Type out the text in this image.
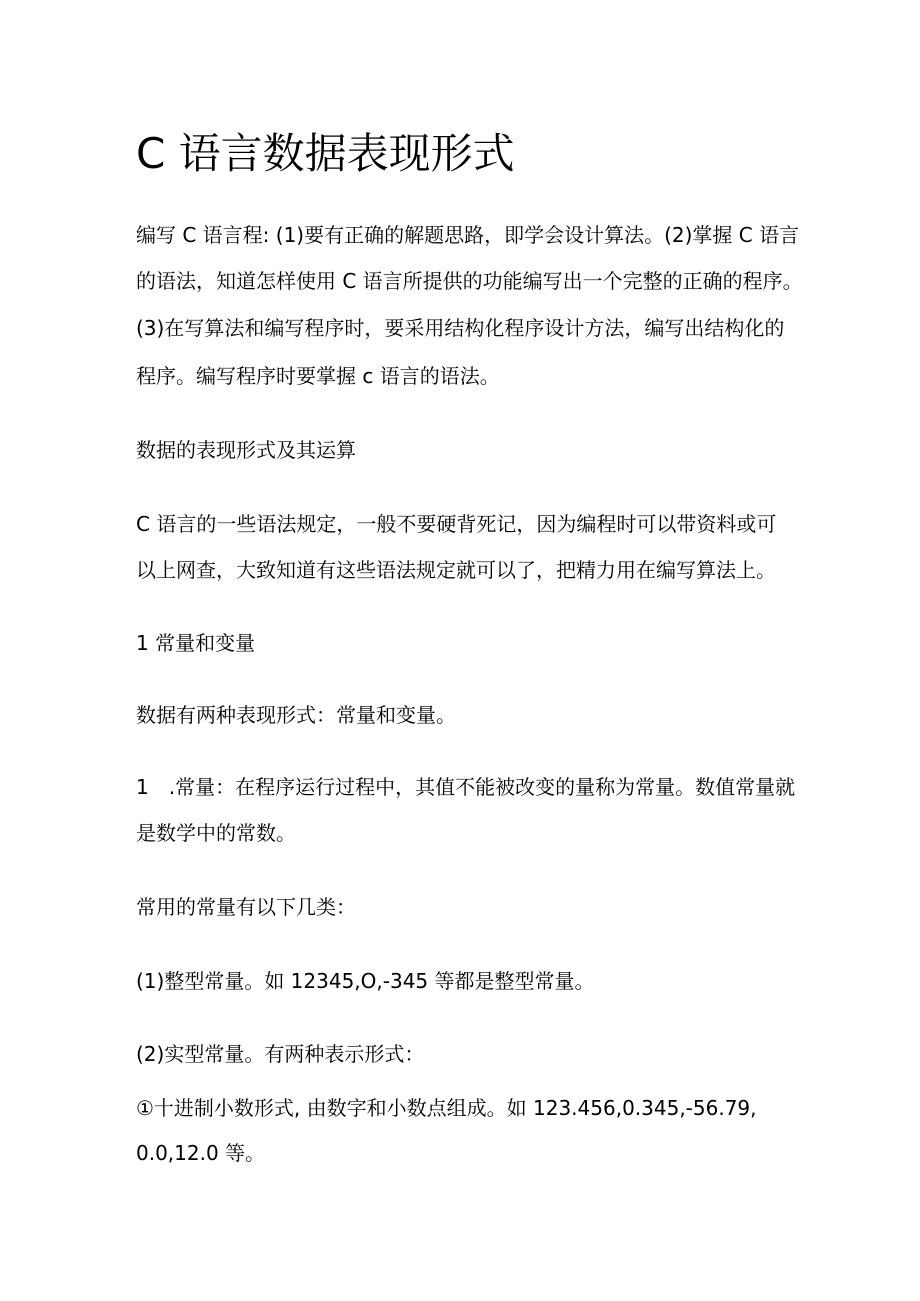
C 语言数据表现形式

编写 C 语言程: (1)要有正确的解题思路，即学会设计算法。(2)掌握 C 语言

的语法，知道怎样使用 C 语言所提供的功能编写出一个完整的正确的程序。

(3)在写算法和编写程序时，要采用结构化程序设计方法，编写出结构化的

程序。编写程序时要掌握 c 语言的语法。

数据的表现形式及其运算

C 语言的一些语法规定，一般不要硬背死记，因为编程时可以带资料或可

以上网查，大致知道有这些语法规定就可以了，把精力用在编写算法上。

1 常量和变量

数据有两种表现形式：常量和变量。

1　.常量：在程序运行过程中，其值不能被改变的量称为常量。数值常量就

是数学中的常数。

常用的常量有以下几类：

(1)整型常量。如 12345,O,-345 等都是整型常量。

(2)实型常量。有两种表示形式：

①十进制小数形式, 由数字和小数点组成。如 123.456,0.345,-56.79,

0.0,12.0 等。
